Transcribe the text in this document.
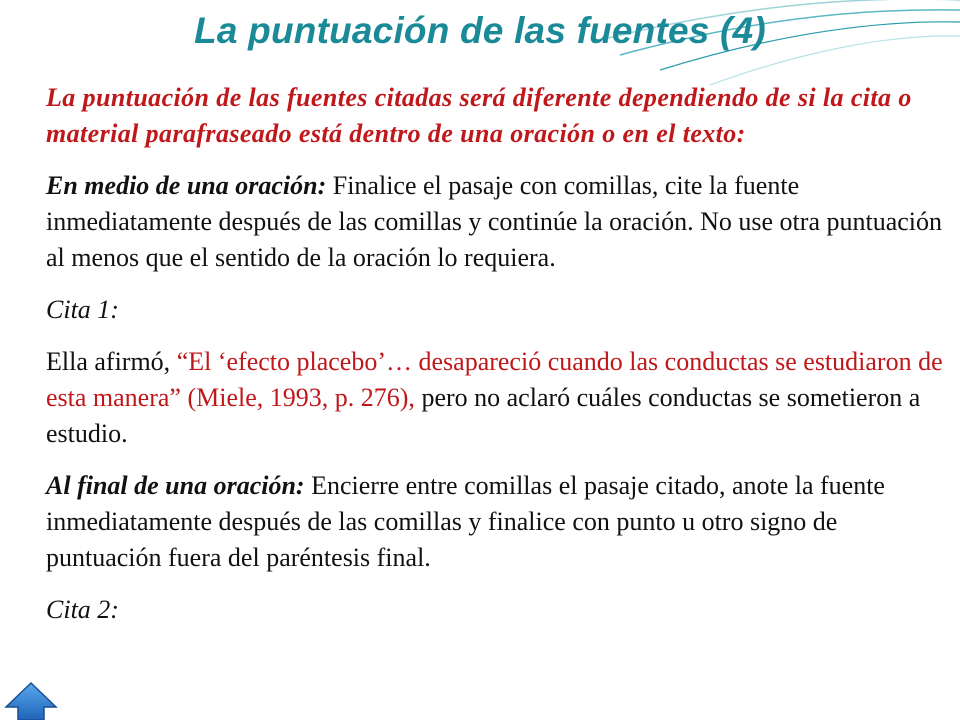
La puntuación de las fuentes (4)

La puntuación de las fuentes citadas será diferente dependiendo de si la cita o material parafraseado está dentro de una oración o en el texto:

En medio de una oración: Finalice el pasaje con comillas, cite la fuente inmediatamente después de las comillas y continúe la oración. No use otra puntuación al menos que el sentido de la oración lo requiera.

Cita 1:

Ella afirmó, “El ‘efecto placebo’… desapareció cuando las conductas se estudiaron de esta manera” (Miele, 1993, p. 276), pero no aclaró cuáles conductas se sometieron a estudio.

Al final de una oración: Encierre entre comillas el pasaje citado, anote la fuente inmediatamente después de las comillas y finalice con punto u otro signo de puntuación fuera del paréntesis final.

Cita 2:
